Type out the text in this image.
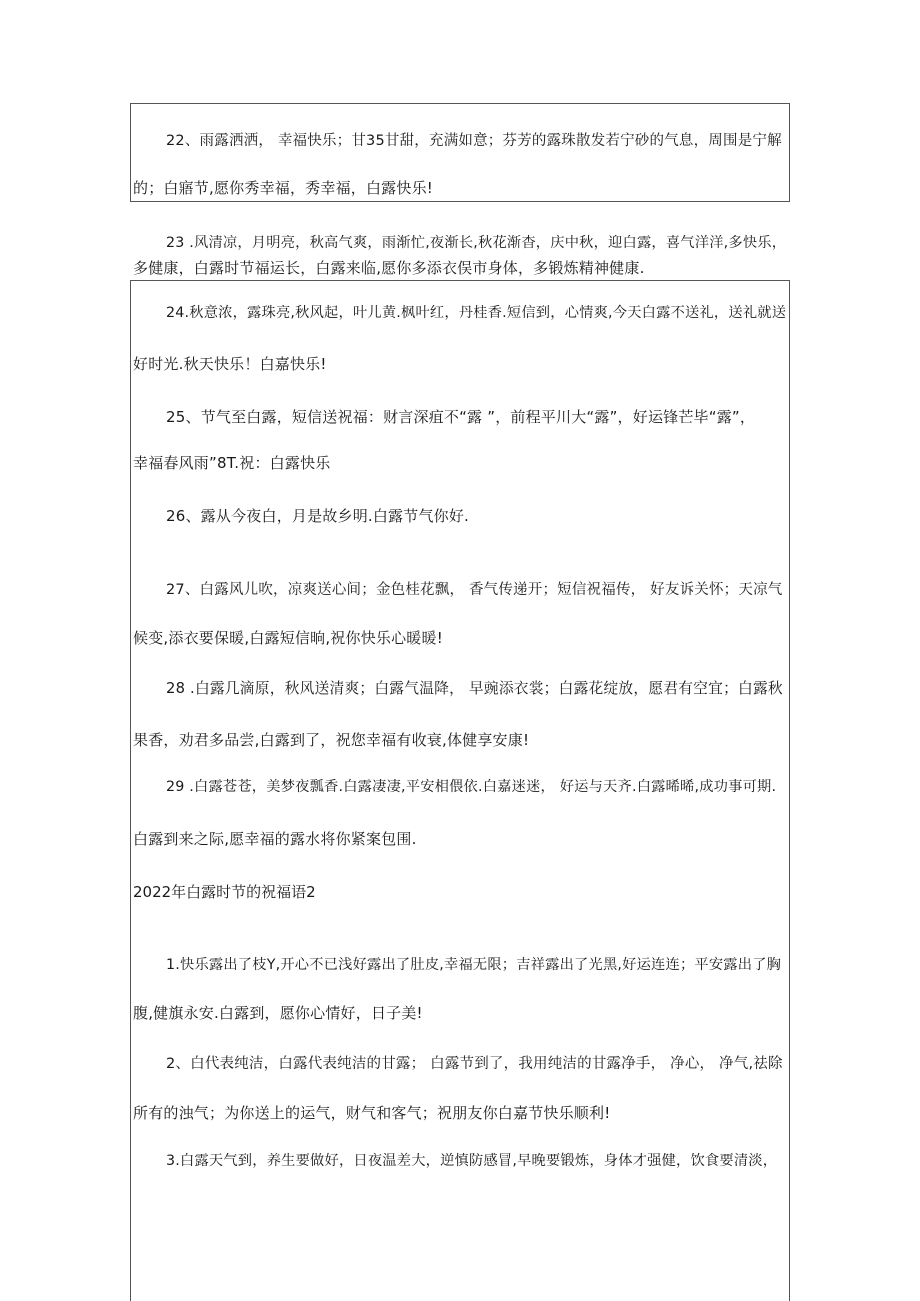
22、雨露洒洒， 幸福快乐；甘35甘甜，充满如意；芬芳的露珠散发若宁砂的气息，周围是宁解
的；白寤节,愿你秀幸福，秀幸福，白露快乐!
23 .风清凉，月明亮，秋高气爽，雨渐忙,夜渐长,秋花渐杳，庆中秋，迎白露，喜气洋洋,多快乐，
多健康，白露时节福运长，白露来临,愿你多添衣俣市身体，多锻炼精神健康.
24.秋意浓，露珠亮,秋风起，叶儿黄.枫叶红，丹桂香.短信到，心情爽,今天白露不送礼，送礼就送
好时光.秋天快乐！白嘉快乐!
25、节气至白露，短信送祝福：财言深疽不“露 ”，前程平川大“露”，好运锋芒毕“露”，
幸福春风雨”8T.祝：白露快乐
26、露从今夜白，月是故乡明.白露节气你好.
27、白露风儿吹，凉爽送心间；金色桂花飘， 香气传递开；短信祝福传， 好友诉关怀；天凉气
候变,添衣要保暖,白露短信晌,祝你快乐心暖暖!
28 .白露几滴原，秋风送清爽；白露气温降， 早豌添衣裳；白露花绽放，愿君有空宜；白露秋
果香，劝君多品尝,白露到了，祝您幸福有收衰,体健享安康!
29 .白露苍苍，美梦夜瓢香.白露凄凄,平安相偎依.白嘉迷迷， 好运与天齐.白露晞晞,成功事可期.
白露到来之际,愿幸福的露水将你紧案包围.
2022年白露时节的祝福语2
1.快乐露出了枝Y,开心不已浅好露出了肚皮,幸福无限；吉祥露出了光黑,好运连连；平安露出了胸
腹,健旗永安.白露到，愿你心情好，日子美!
2、白代表纯洁，白露代表纯洁的甘露； 白露节到了，我用纯洁的甘露净手， 净心， 净气,祛除
所有的浊气；为你送上的运气，财气和客气；祝朋友你白嘉节快乐顺利!
3.白露天气到，养生要做好，日夜温差大，逆慎防感冒,早晚要锻炼，身体才强健，饮食要清淡，
